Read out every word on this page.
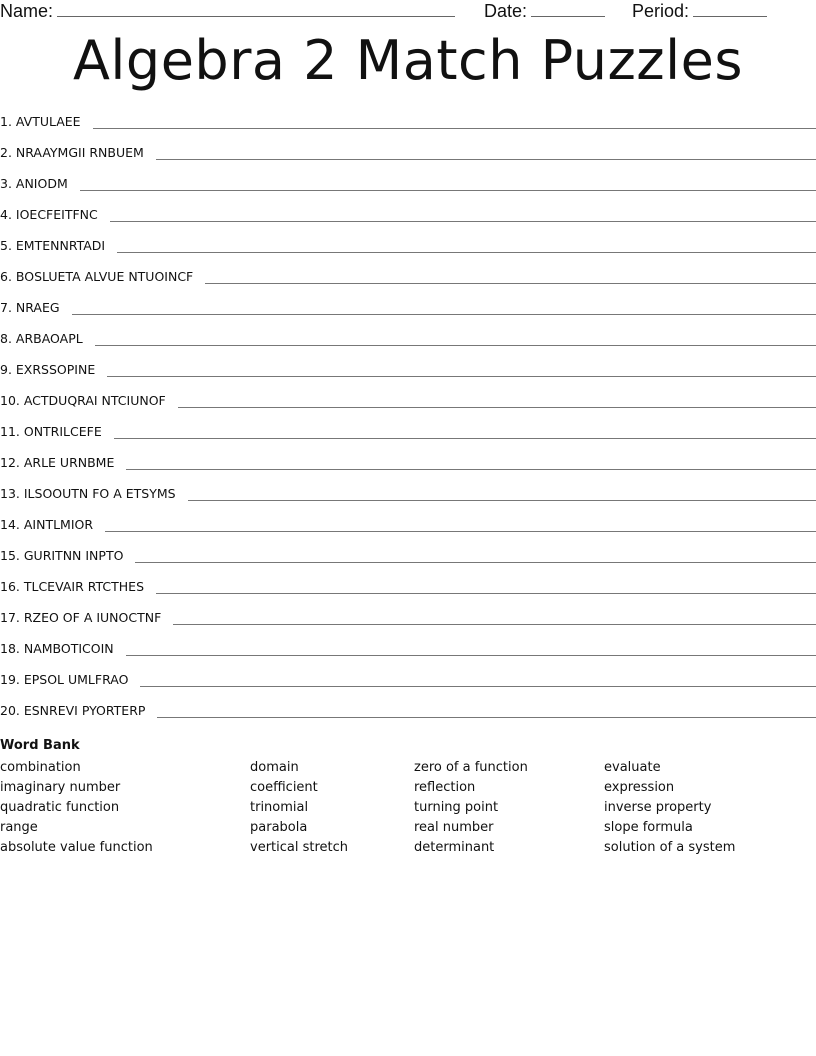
Name:	Date:	Period:
Algebra 2 Match Puzzles
1. AVTULAEE
2. NRAAYMGII RNBUEM
3. ANIODM
4. IOECFEITFNC
5. EMTENNRTADI
6. BOSLUETA ALVUE NTUOINCF
7. NRAEG
8. ARBAOAPL
9. EXRSSOPINE
10. ACTDUQRAI NTCIUNOF
11. ONTRILCEFE
12. ARLE URNBME
13. ILSOOUTN FO A ETSYMS
14. AINTLMIOR
15. GURITNN INPTO
16. TLCEVAIR RTCTHES
17. RZEO OF A IUNOCTNF
18. NAMBOTICOIN
19. EPSOL UMLFRAO
20. ESNREVI PYORTERP
Word Bank
combination
imaginary number
quadratic function
range
absolute value function
domain
coefficient
trinomial
parabola
vertical stretch
zero of a function
reflection
turning point
real number
determinant
evaluate
expression
inverse property
slope formula
solution of a system
